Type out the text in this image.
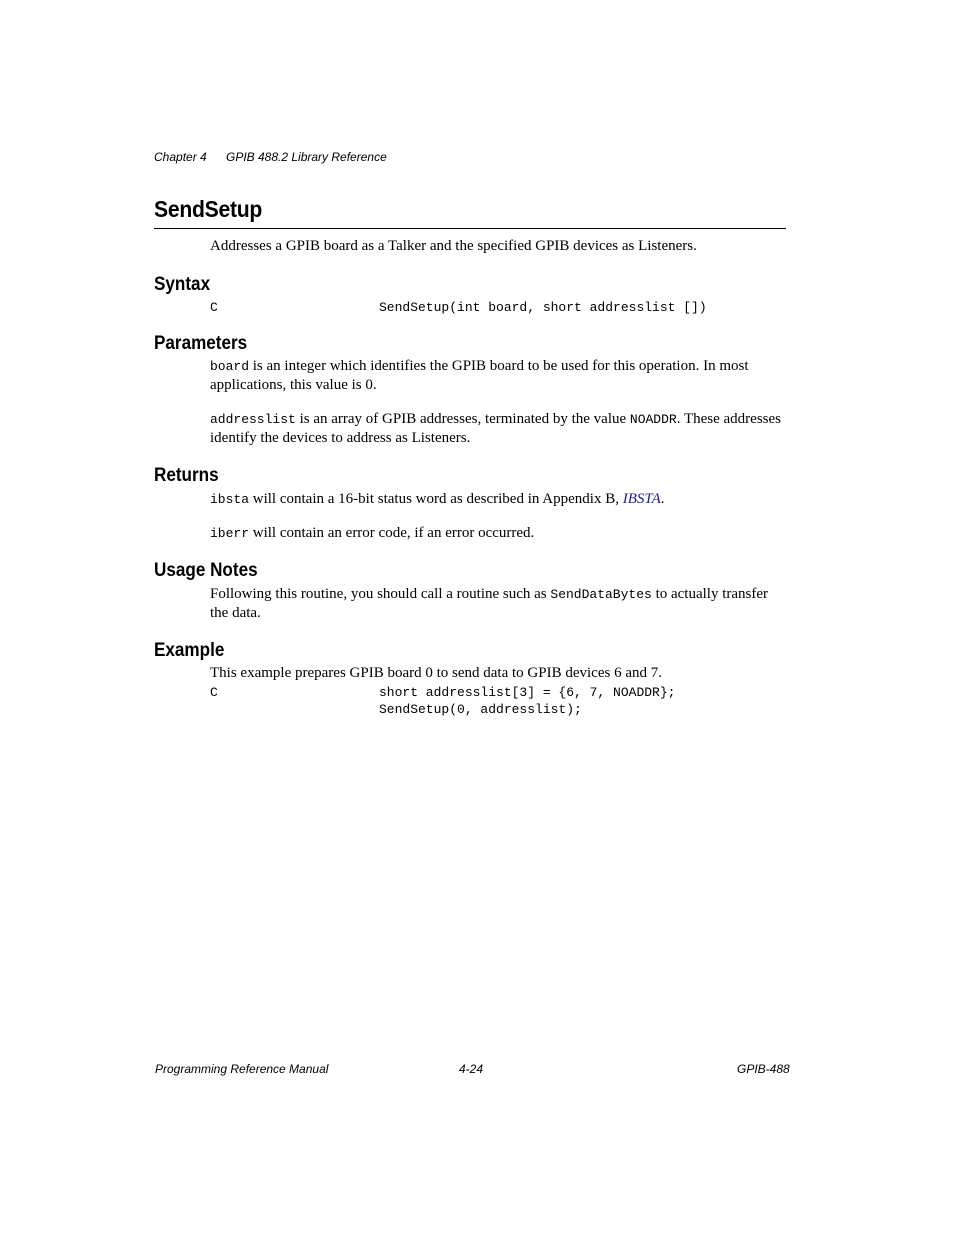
Chapter 4 GPIB 488.2 Library Reference
SendSetup
Addresses a GPIB board as a Talker and the specified GPIB devices as Listeners.
Syntax
C	SendSetup(int board, short addresslist [])
Parameters
board is an integer which identifies the GPIB board to be used for this operation. In most applications, this value is 0.
addresslist is an array of GPIB addresses, terminated by the value NOADDR. These addresses identify the devices to address as Listeners.
Returns
ibsta will contain a 16-bit status word as described in Appendix B, IBSTA.
iberr will contain an error code, if an error occurred.
Usage Notes
Following this routine, you should call a routine such as SendDataBytes to actually transfer the data.
Example
This example prepares GPIB board 0 to send data to GPIB devices 6 and 7.
C	short addresslist[3] = {6, 7, NOADDR};
SendSetup(0, addresslist);
Programming Reference Manual	4-24	GPIB-488
